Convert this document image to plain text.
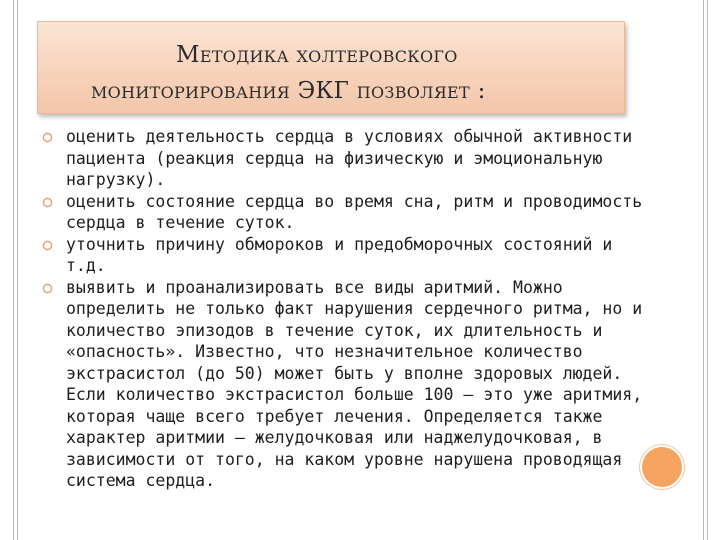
Методика холтеровского
мониторирования ЭКГ позволяет :
оценить деятельность сердца в условиях обычной активности пациента (реакция сердца на физическую и эмоциональную нагрузку).
оценить состояние сердца во время сна, ритм и проводимость сердца в течение суток.
уточнить причину обмороков и предобморочных состояний и т.д.
выявить и проанализировать все виды аритмий. Можно определить не только факт нарушения сердечного ритма, но и количество эпизодов в течение суток, их длительность и «опасность». Известно, что незначительное количество экстрасистол (до 50) может быть у вполне здоровых людей. Если количество экстрасистол больше 100 – это уже аритмия, которая чаще всего требует лечения. Определяется также характер аритмии – желудочковая или наджелудочковая, в зависимости от того, на каком уровне нарушена проводящая система сердца.
